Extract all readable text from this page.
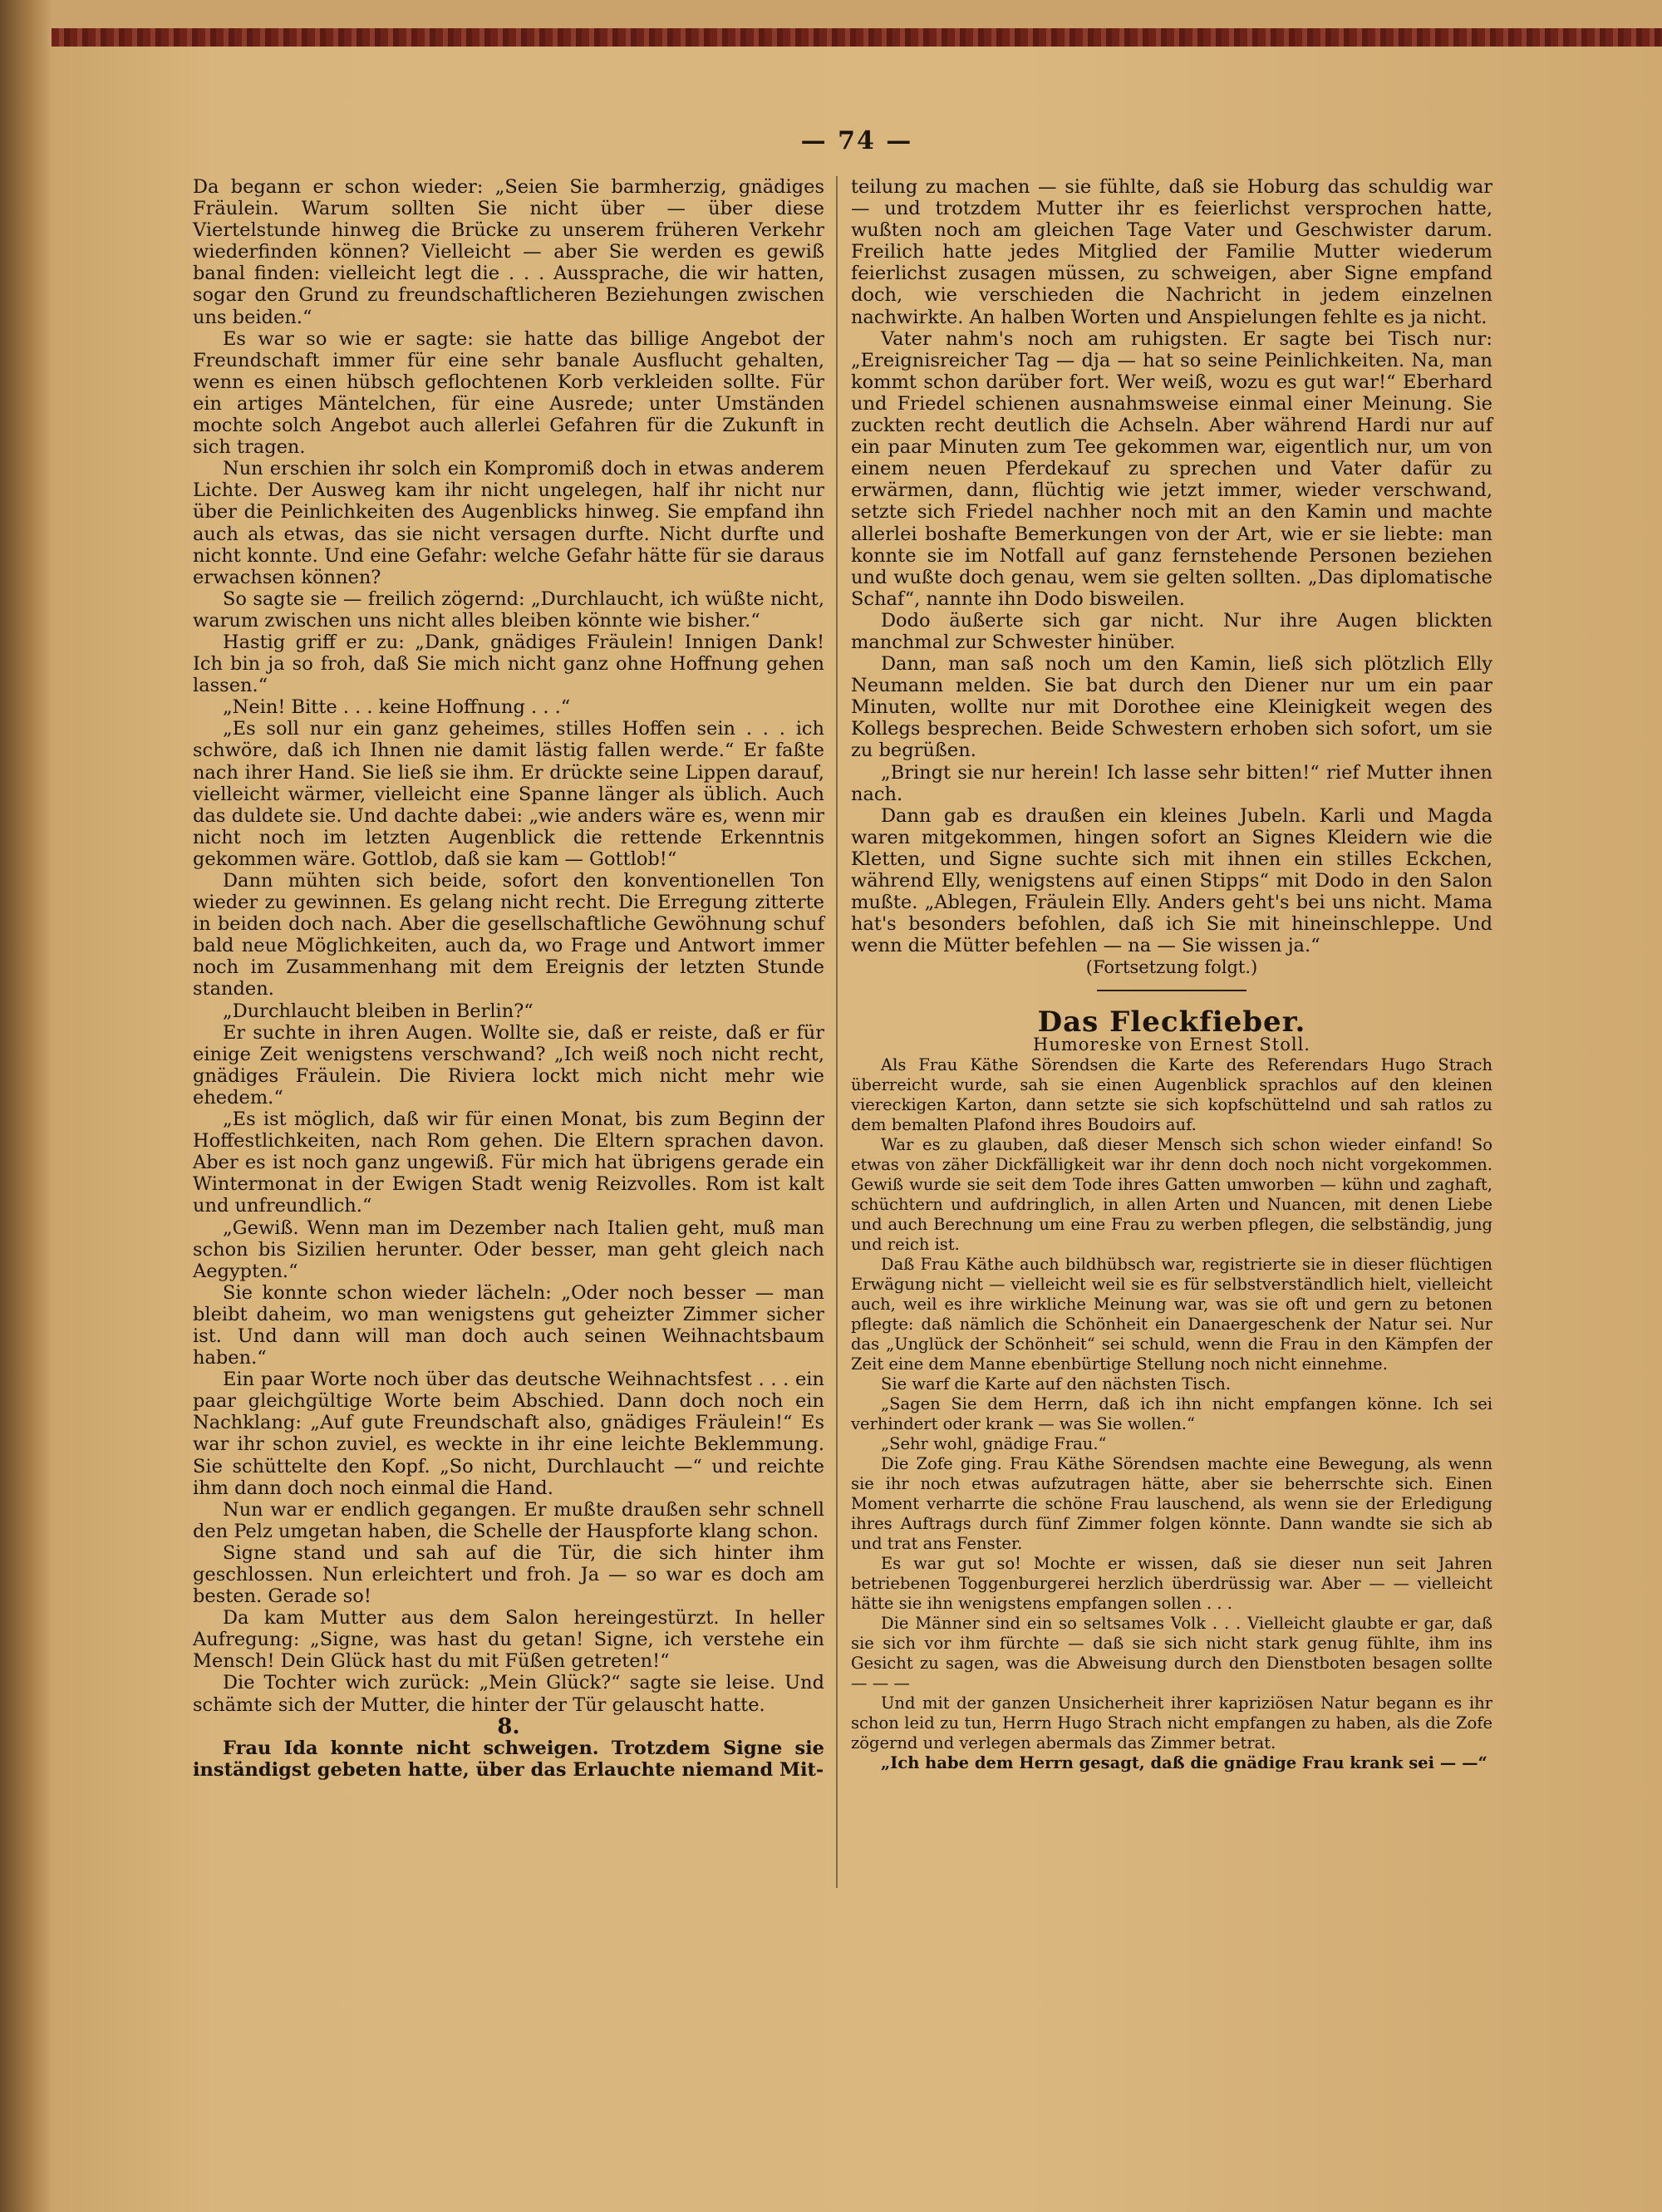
— 74 —

Da begann er schon wieder: „Seien Sie barmherzig, gnädiges Fräulein. Warum sollten Sie nicht über — über diese Viertelstunde hinweg die Brücke zu unserem früheren Verkehr wiederfinden können? Vielleicht — aber Sie werden es gewiß banal finden: vielleicht legt die . . . Aussprache, die wir hatten, sogar den Grund zu freundschaftlicheren Beziehungen zwischen uns beiden.“

Es war so wie er sagte: sie hatte das billige Angebot der Freundschaft immer für eine sehr banale Ausflucht gehalten, wenn es einen hübsch geflochtenen Korb verkleiden sollte. Für ein artiges Mäntelchen, für eine Ausrede; unter Umständen mochte solch Angebot auch allerlei Gefahren für die Zukunft in sich tragen.

Nun erschien ihr solch ein Kompromiß doch in etwas anderem Lichte. Der Ausweg kam ihr nicht ungelegen, half ihr nicht nur über die Peinlichkeiten des Augenblicks hinweg. Sie empfand ihn auch als etwas, das sie nicht versagen durfte. Nicht durfte und nicht konnte. Und eine Gefahr: welche Gefahr hätte für sie daraus erwachsen können?

So sagte sie — freilich zögernd: „Durchlaucht, ich wüßte nicht, warum zwischen uns nicht alles bleiben könnte wie bisher.“

Hastig griff er zu: „Dank, gnädiges Fräulein! Innigen Dank! Ich bin ja so froh, daß Sie mich nicht ganz ohne Hoffnung gehen lassen.“

„Nein! Bitte . . . keine Hoffnung . . .“

„Es soll nur ein ganz geheimes, stilles Hoffen sein . . . ich schwöre, daß ich Ihnen nie damit lästig fallen werde.“ Er faßte nach ihrer Hand. Sie ließ sie ihm. Er drückte seine Lippen darauf, vielleicht wärmer, vielleicht eine Spanne länger als üblich. Auch das duldete sie. Und dachte dabei: „wie anders wäre es, wenn mir nicht noch im letzten Augenblick die rettende Erkenntnis gekommen wäre. Gottlob, daß sie kam — Gottlob!“

Dann mühten sich beide, sofort den konventionellen Ton wieder zu gewinnen. Es gelang nicht recht. Die Erregung zitterte in beiden doch nach. Aber die gesellschaftliche Gewöhnung schuf bald neue Möglichkeiten, auch da, wo Frage und Antwort immer noch im Zusammenhang mit dem Ereignis der letzten Stunde standen.

„Durchlaucht bleiben in Berlin?“

Er suchte in ihren Augen. Wollte sie, daß er reiste, daß er für einige Zeit wenigstens verschwand? „Ich weiß noch nicht recht, gnädiges Fräulein. Die Riviera lockt mich nicht mehr wie ehedem.“

„Es ist möglich, daß wir für einen Monat, bis zum Beginn der Hoffestlichkeiten, nach Rom gehen. Die Eltern sprachen davon. Aber es ist noch ganz ungewiß. Für mich hat übrigens gerade ein Wintermonat in der Ewigen Stadt wenig Reizvolles. Rom ist kalt und unfreundlich.“

„Gewiß. Wenn man im Dezember nach Italien geht, muß man schon bis Sizilien herunter. Oder besser, man geht gleich nach Aegypten.“

Sie konnte schon wieder lächeln: „Oder noch besser — man bleibt daheim, wo man wenigstens gut geheizter Zimmer sicher ist. Und dann will man doch auch seinen Weihnachtsbaum haben.“

Ein paar Worte noch über das deutsche Weihnachtsfest . . . ein paar gleichgültige Worte beim Abschied. Dann doch noch ein Nachklang: „Auf gute Freundschaft also, gnädiges Fräulein!“ Es war ihr schon zuviel, es weckte in ihr eine leichte Beklemmung. Sie schüttelte den Kopf. „So nicht, Durchlaucht —“ und reichte ihm dann doch noch einmal die Hand.

Nun war er endlich gegangen. Er mußte draußen sehr schnell den Pelz umgetan haben, die Schelle der Hauspforte klang schon.

Signe stand und sah auf die Tür, die sich hinter ihm geschlossen. Nun erleichtert und froh. Ja — so war es doch am besten. Gerade so!

Da kam Mutter aus dem Salon hereingestürzt. In heller Aufregung: „Signe, was hast du getan! Signe, ich verstehe ein Mensch! Dein Glück hast du mit Füßen getreten!“

Die Tochter wich zurück: „Mein Glück?“ sagte sie leise. Und schämte sich der Mutter, die hinter der Tür gelauscht hatte.

8.

Frau Ida konnte nicht schweigen. Trotzdem Signe sie inständigst gebeten hatte, über das Erlauchte niemand Mit-

teilung zu machen — sie fühlte, daß sie Hoburg das schuldig war — und trotzdem Mutter ihr es feierlichst versprochen hatte, wußten noch am gleichen Tage Vater und Geschwister darum. Freilich hatte jedes Mitglied der Familie Mutter wiederum feierlichst zusagen müssen, zu schweigen, aber Signe empfand doch, wie verschieden die Nachricht in jedem einzelnen nachwirkte. An halben Worten und Anspielungen fehlte es ja nicht.

Vater nahm's noch am ruhigsten. Er sagte bei Tisch nur: „Ereignisreicher Tag — dja — hat so seine Peinlichkeiten. Na, man kommt schon darüber fort. Wer weiß, wozu es gut war!“ Eberhard und Friedel schienen ausnahmsweise einmal einer Meinung. Sie zuckten recht deutlich die Achseln. Aber während Hardi nur auf ein paar Minuten zum Tee gekommen war, eigentlich nur, um von einem neuen Pferdekauf zu sprechen und Vater dafür zu erwärmen, dann, flüchtig wie jetzt immer, wieder verschwand, setzte sich Friedel nachher noch mit an den Kamin und machte allerlei boshafte Bemerkungen von der Art, wie er sie liebte: man konnte sie im Notfall auf ganz fernstehende Personen beziehen und wußte doch genau, wem sie gelten sollten. „Das diplomatische Schaf“, nannte ihn Dodo bisweilen.

Dodo äußerte sich gar nicht. Nur ihre Augen blickten manchmal zur Schwester hinüber.

Dann, man saß noch um den Kamin, ließ sich plötzlich Elly Neumann melden. Sie bat durch den Diener nur um ein paar Minuten, wollte nur mit Dorothee eine Kleinigkeit wegen des Kollegs besprechen. Beide Schwestern erhoben sich sofort, um sie zu begrüßen.

„Bringt sie nur herein! Ich lasse sehr bitten!“ rief Mutter ihnen nach.

Dann gab es draußen ein kleines Jubeln. Karli und Magda waren mitgekommen, hingen sofort an Signes Kleidern wie die Kletten, und Signe suchte sich mit ihnen ein stilles Eckchen, während Elly, wenigstens auf einen Stipps“ mit Dodo in den Salon mußte. „Ablegen, Fräulein Elly. Anders geht's bei uns nicht. Mama hat's besonders befohlen, daß ich Sie mit hineinschleppe. Und wenn die Mütter befehlen — na — Sie wissen ja.“

(Fortsetzung folgt.)

Das Fleckfieber.

Humoreske von Ernest Stoll.

Als Frau Käthe Sörendsen die Karte des Referendars Hugo Strach überreicht wurde, sah sie einen Augenblick sprachlos auf den kleinen viereckigen Karton, dann setzte sie sich kopfschüttelnd und sah ratlos zu dem bemalten Plafond ihres Boudoirs auf.

War es zu glauben, daß dieser Mensch sich schon wieder einfand! So etwas von zäher Dickfälligkeit war ihr denn doch noch nicht vorgekommen. Gewiß wurde sie seit dem Tode ihres Gatten umworben — kühn und zaghaft, schüchtern und aufdringlich, in allen Arten und Nuancen, mit denen Liebe und auch Berechnung um eine Frau zu werben pflegen, die selbständig, jung und reich ist.

Daß Frau Käthe auch bildhübsch war, registrierte sie in dieser flüchtigen Erwägung nicht — vielleicht weil sie es für selbstverständlich hielt, vielleicht auch, weil es ihre wirkliche Meinung war, was sie oft und gern zu betonen pflegte: daß nämlich die Schönheit ein Danaergeschenk der Natur sei. Nur das „Unglück der Schönheit“ sei schuld, wenn die Frau in den Kämpfen der Zeit eine dem Manne ebenbürtige Stellung noch nicht einnehme.

Sie warf die Karte auf den nächsten Tisch.

„Sagen Sie dem Herrn, daß ich ihn nicht empfangen könne. Ich sei verhindert oder krank — was Sie wollen.“

„Sehr wohl, gnädige Frau.“

Die Zofe ging. Frau Käthe Sörendsen machte eine Bewegung, als wenn sie ihr noch etwas aufzutragen hätte, aber sie beherrschte sich. Einen Moment verharrte die schöne Frau lauschend, als wenn sie der Erledigung ihres Auftrags durch fünf Zimmer folgen könnte. Dann wandte sie sich ab und trat ans Fenster.

Es war gut so! Mochte er wissen, daß sie dieser nun seit Jahren betriebenen Toggenburgerei herzlich überdrüssig war. Aber — — vielleicht hätte sie ihn wenigstens empfangen sollen . . .

Die Männer sind ein so seltsames Volk . . . Vielleicht glaubte er gar, daß sie sich vor ihm fürchte — daß sie sich nicht stark genug fühlte, ihm ins Gesicht zu sagen, was die Abweisung durch den Dienstboten besagen sollte — — —

Und mit der ganzen Unsicherheit ihrer kapriziösen Natur begann es ihr schon leid zu tun, Herrn Hugo Strach nicht empfangen zu haben, als die Zofe zögernd und verlegen abermals das Zimmer betrat.

„Ich habe dem Herrn gesagt, daß die gnädige Frau krank sei — —“
